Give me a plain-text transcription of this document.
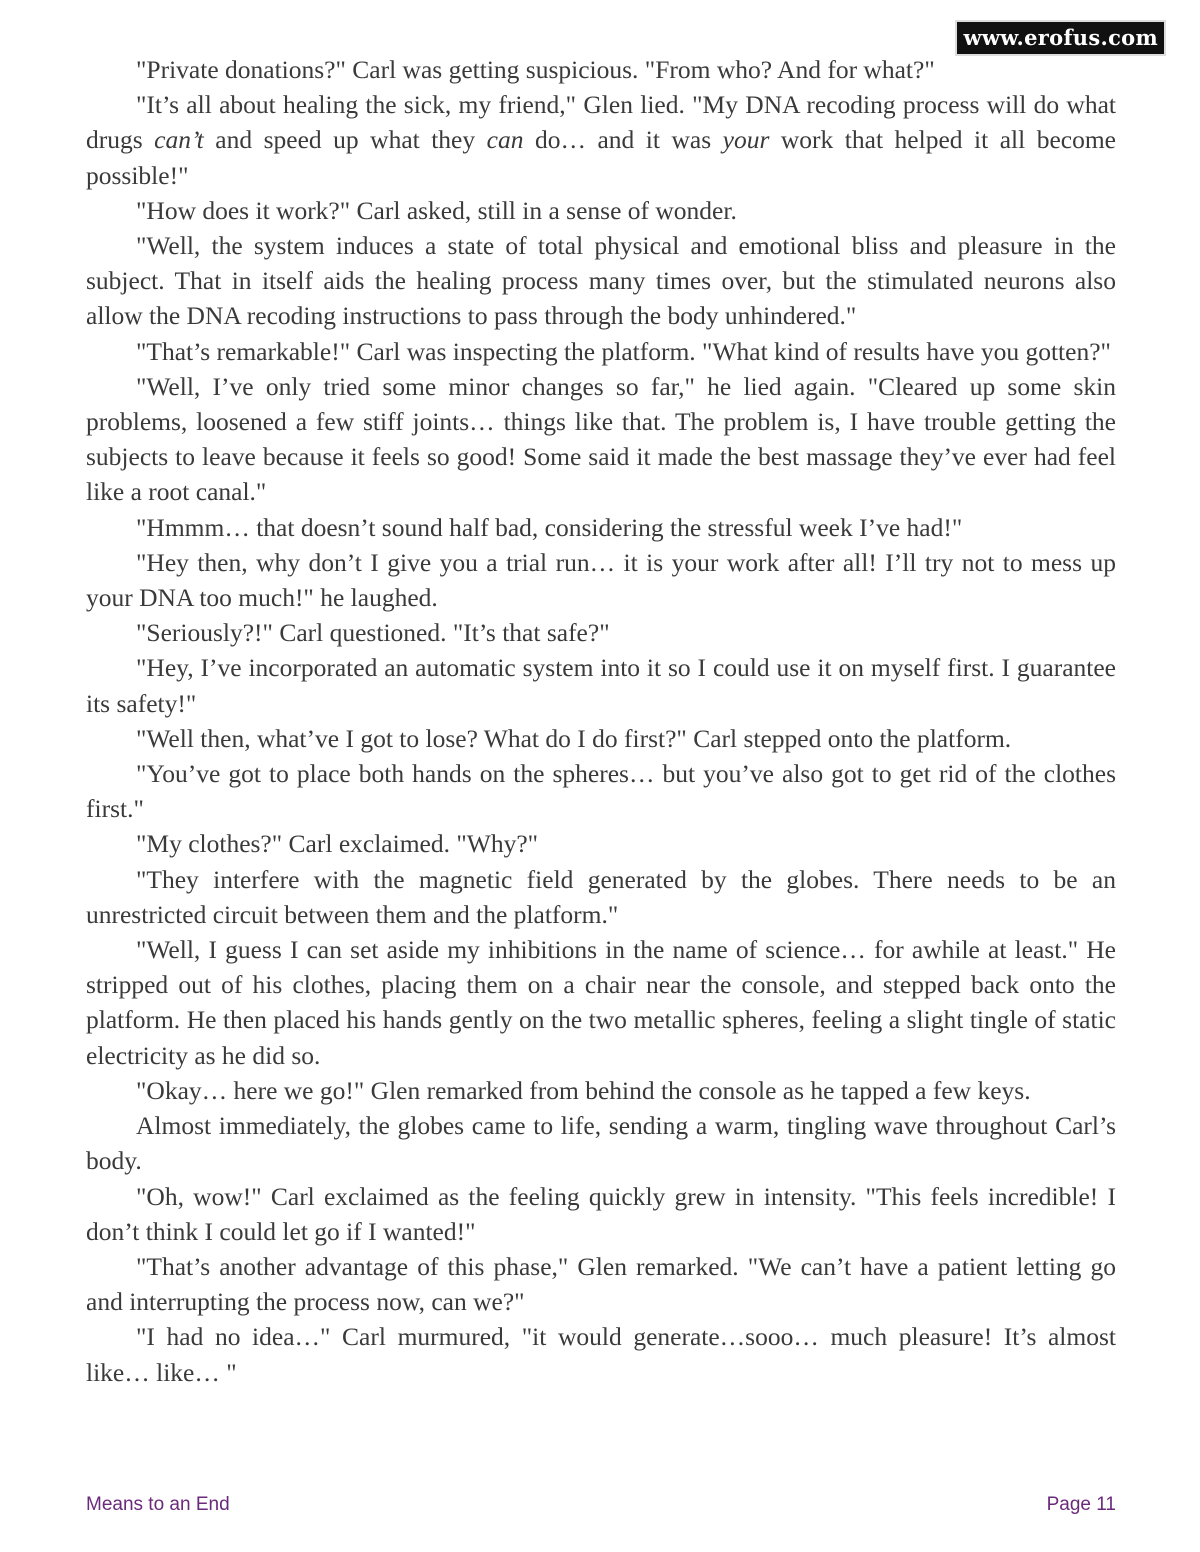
www.erofus.com

"Private donations?" Carl was getting suspicious. "From who? And for what?"

"It’s all about healing the sick, my friend," Glen lied. "My DNA recoding process will do what drugs can’t and speed up what they can do… and it was your work that helped it all become possible!"

"How does it work?" Carl asked, still in a sense of wonder.

"Well, the system induces a state of total physical and emotional bliss and pleasure in the subject. That in itself aids the healing process many times over, but the stimulated neurons also allow the DNA recoding instructions to pass through the body unhindered."

"That’s remarkable!" Carl was inspecting the platform. "What kind of results have you gotten?"

"Well, I’ve only tried some minor changes so far," he lied again. "Cleared up some skin problems, loosened a few stiff joints… things like that. The problem is, I have trouble getting the subjects to leave because it feels so good! Some said it made the best massage they’ve ever had feel like a root canal."

"Hmmm… that doesn’t sound half bad, considering the stressful week I’ve had!"

"Hey then, why don’t I give you a trial run… it is your work after all! I’ll try not to mess up your DNA too much!" he laughed.

"Seriously?!" Carl questioned. "It’s that safe?"

"Hey, I’ve incorporated an automatic system into it so I could use it on myself first. I guarantee its safety!"

"Well then, what’ve I got to lose? What do I do first?" Carl stepped onto the platform.

"You’ve got to place both hands on the spheres… but you’ve also got to get rid of the clothes first."

"My clothes?" Carl exclaimed. "Why?"

"They interfere with the magnetic field generated by the globes. There needs to be an unrestricted circuit between them and the platform."

"Well, I guess I can set aside my inhibitions in the name of science… for awhile at least." He stripped out of his clothes, placing them on a chair near the console, and stepped back onto the platform. He then placed his hands gently on the two metallic spheres, feeling a slight tingle of static electricity as he did so.

"Okay… here we go!" Glen remarked from behind the console as he tapped a few keys.

Almost immediately, the globes came to life, sending a warm, tingling wave throughout Carl’s body.

"Oh, wow!" Carl exclaimed as the feeling quickly grew in intensity. "This feels incredible! I don’t think I could let go if I wanted!"

"That’s another advantage of this phase," Glen remarked. "We can’t have a patient letting go and interrupting the process now, can we?"

"I had no idea…" Carl murmured, "it would generate…sooo… much pleasure! It’s almost like… like… "

Means to an End	Page 11
